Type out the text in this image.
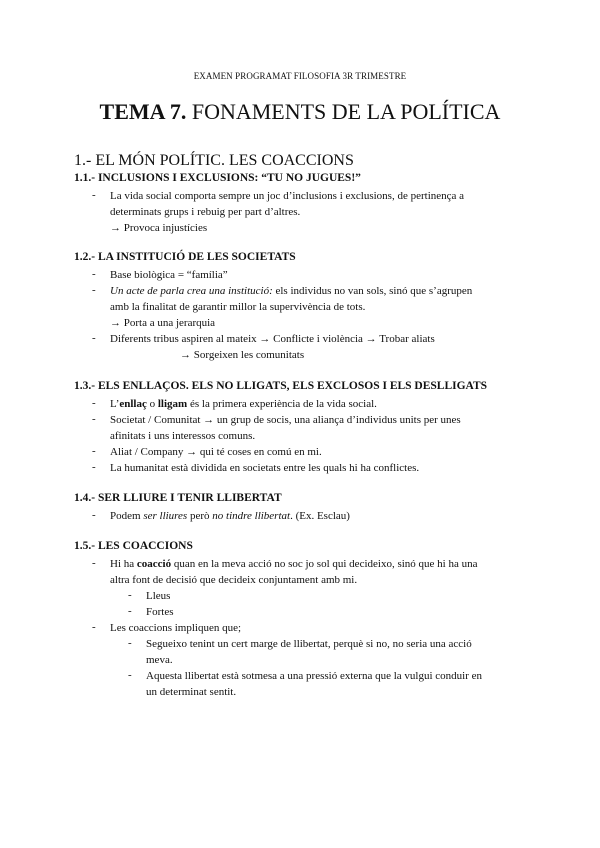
EXAMEN PROGRAMAT FILOSOFIA 3R TRIMESTRE
TEMA 7. FONAMENTS DE LA POLÍTICA
1.- EL MÓN POLÍTIC. LES COACCIONS
1.1.- INCLUSIONS I EXCLUSIONS: “TU NO JUGUES!”
- La vida social comporta sempre un joc d’inclusions i exclusions, de pertinença a
determinats grups i rebuig per part d’altres.
→ Provoca injustícies
1.2.- LA INSTITUCIÓ DE LES SOCIETATS
- Base biològica = “família”
- Un acte de parla crea una institució: els individus no van sols, sinó que s’agrupen
amb la finalitat de garantir millor la supervivència de tots.
→ Porta a una jerarquia
- Diferents tribus aspiren al mateix → Conflicte i violència → Trobar aliats
→ Sorgeixen les comunitats
1.3.- ELS ENLLAÇOS. ELS NO LLIGATS, ELS EXCLOSOS I ELS DESLLIGATS
- L’enllaç o lligam és la primera experiència de la vida social.
- Societat / Comunitat → un grup de socis, una aliança d’individus units per unes
afinitats i uns interessos comuns.
- Aliat / Company → qui té coses en comú en mi.
- La humanitat està dividida en societats entre les quals hi ha conflictes.
1.4.- SER LLIURE I TENIR LLIBERTAT
- Podem ser lliures però no tindre llibertat. (Ex. Esclau)
1.5.- LES COACCIONS
- Hi ha coacció quan en la meva acció no soc jo sol qui decideixo, sinó que hi ha una
altra font de decisió que decideix conjuntament amb mi.
- Lleus
- Fortes
- Les coaccions impliquen que;
- Segueixo tenint un cert marge de llibertat, perquè si no, no seria una acció
meva.
- Aquesta llibertat està sotmesa a una pressió externa que la vulgui conduir en
un determinat sentit.
